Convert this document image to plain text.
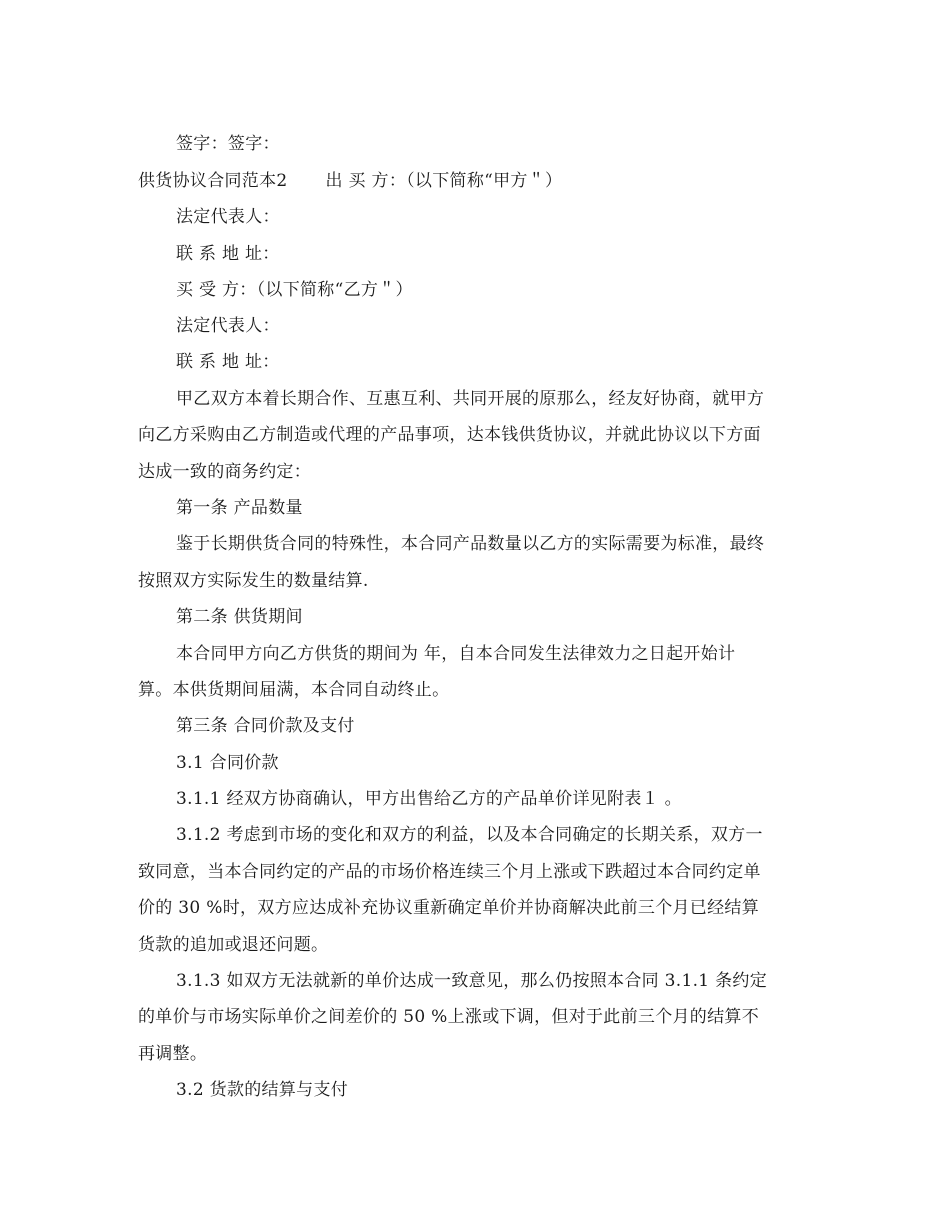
签字：签字：
供货协议合同范本2 出 买 方：（以下简称“甲方＂）
法定代表人：
联 系 地 址：
买 受 方：（以下简称“乙方＂）
法定代表人：
联 系 地 址：
甲乙双方本着长期合作、互惠互利、共同开展的原那么，经友好协商，就甲方
向乙方采购由乙方制造或代理的产品事项，达本钱供货协议，并就此协议以下方面
达成一致的商务约定：
第一条 产品数量
鉴于长期供货合同的特殊性，本合同产品数量以乙方的实际需要为标准，最终
按照双方实际发生的数量结算.
第二条 供货期间
本合同甲方向乙方供货的期间为 年，自本合同发生法律效力之日起开始计
算。本供货期间届满，本合同自动终止。
第三条 合同价款及支付
3.1 合同价款
3.1.1 经双方协商确认，甲方出售给乙方的产品单价详见附表１ 。
3.1.2 考虑到市场的变化和双方的利益，以及本合同确定的长期关系，双方一
致同意，当本合同约定的产品的市场价格连续三个月上涨或下跌超过本合同约定单
价的 30 %时，双方应达成补充协议重新确定单价并协商解决此前三个月已经结算
货款的追加或退还问题。
3.1.3 如双方无法就新的单价达成一致意见，那么仍按照本合同 3.1.1 条约定
的单价与市场实际单价之间差价的 50 %上涨或下调，但对于此前三个月的结算不
再调整。
3.2 货款的结算与支付
